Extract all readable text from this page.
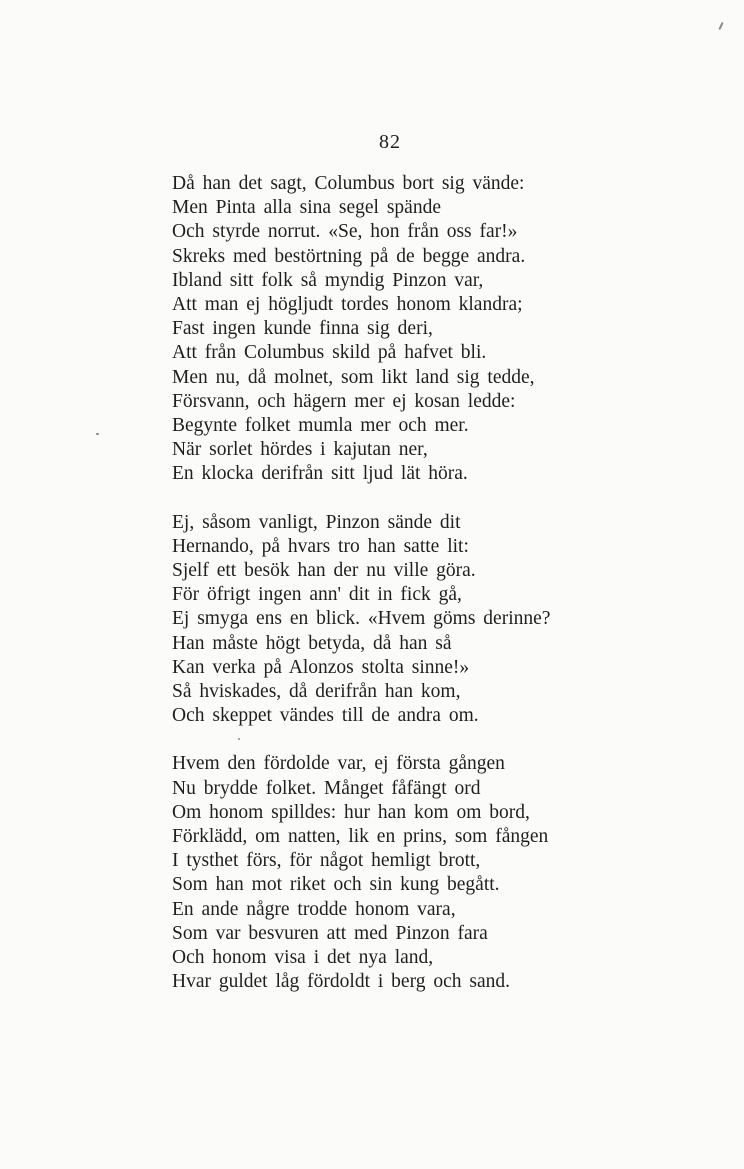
82
Då han det sagt, Columbus bort sig vände:
Men Pinta alla sina segel spände
Och styrde norrut. «Se, hon från oss far!»
Skreks med bestörtning på de begge andra.
Ibland sitt folk så myndig Pinzon var,
Att man ej högljudt tordes honom klandra;
Fast ingen kunde finna sig deri,
Att från Columbus skild på hafvet bli.
Men nu, då molnet, som likt land sig tedde,
Försvann, och hägern mer ej kosan ledde:
Begynte folket mumla mer och mer.
När sorlet hördes i kajutan ner,
En klocka derifrån sitt ljud lät höra.
Ej, såsom vanligt, Pinzon sände dit
Hernando, på hvars tro han satte lit:
Sjelf ett besök han der nu ville göra.
För öfrigt ingen ann' dit in fick gå,
Ej smyga ens en blick. «Hvem göms derinne?
Han måste högt betyda, då han så
Kan verka på Alonzos stolta sinne!»
Så hviskades, då derifrån han kom,
Och skeppet vändes till de andra om.
Hvem den fördolde var, ej första gången
Nu brydde folket. Månget fåfängt ord
Om honom spilldes: hur han kom om bord,
Förklädd, om natten, lik en prins, som fången
I tysthet förs, för något hemligt brott,
Som han mot riket och sin kung begått.
En ande någre trodde honom vara,
Som var besvuren att med Pinzon fara
Och honom visa i det nya land,
Hvar guldet låg fördoldt i berg och sand.
